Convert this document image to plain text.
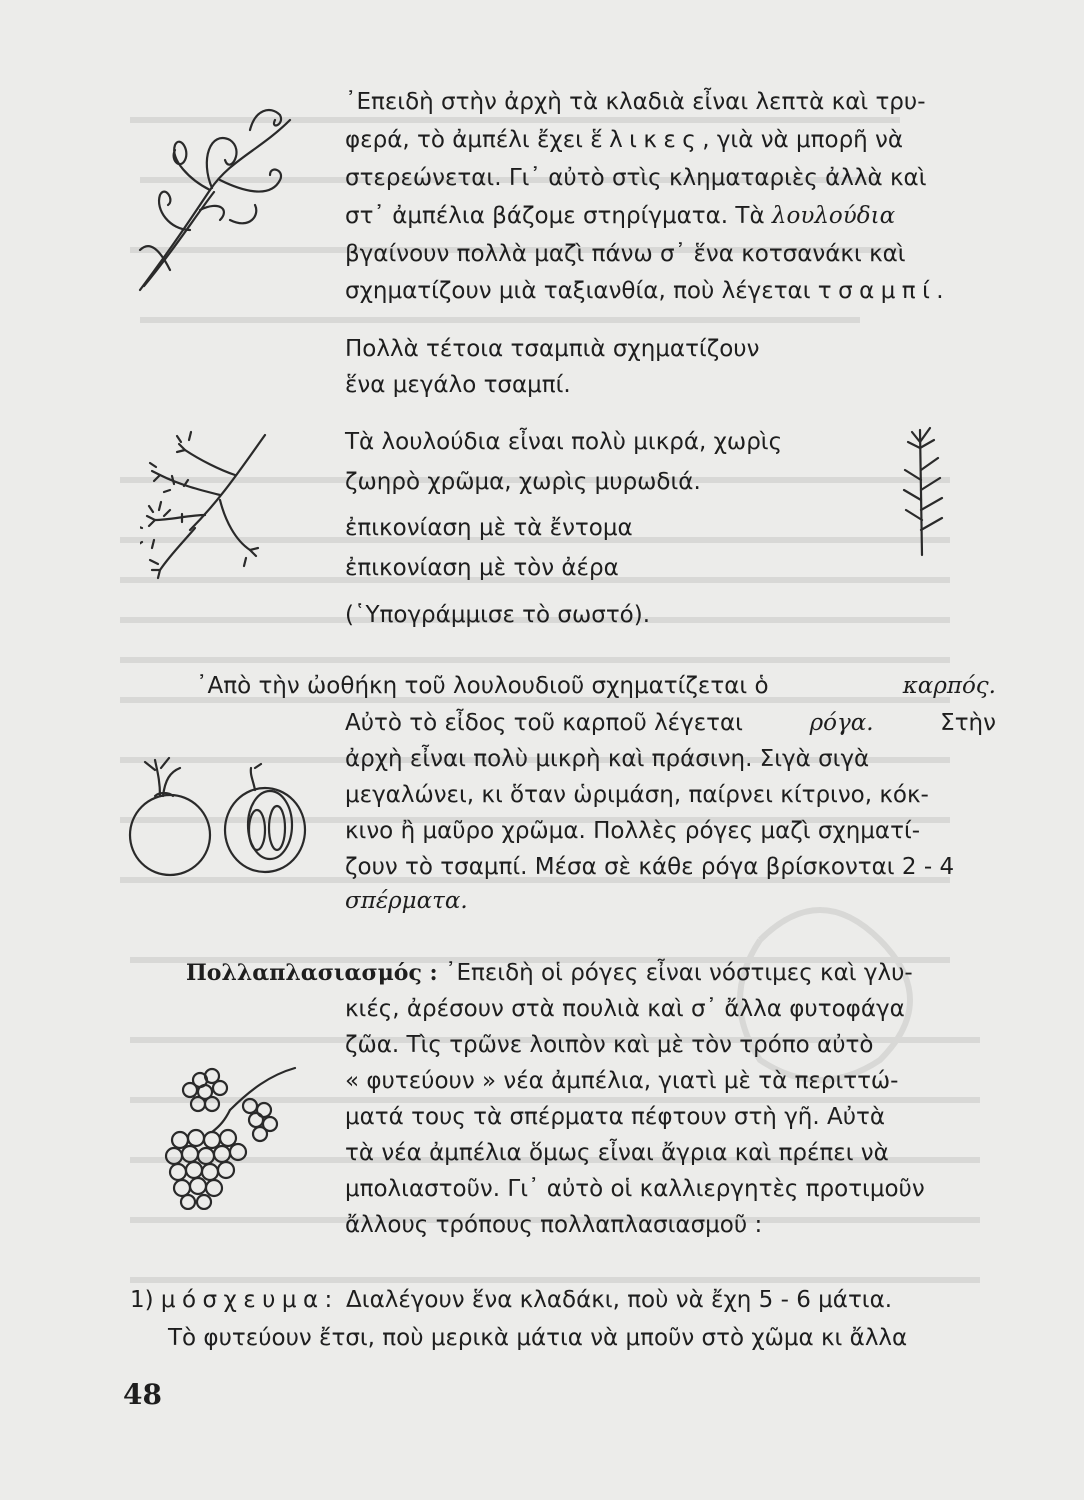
᾿Επειδὴ στὴν ἀρχὴ τὰ κλαδιὰ εἶναι λεπτὰ καὶ τρυ-
φερά, τὸ ἀμπέλι ἔχει ἕλικες, γιὰ νὰ μπορῆ νὰ
στερεώνεται. Γι᾿ αὐτὸ στὶς κληματαριὲς ἀλλὰ καὶ
στ᾿ ἀμπέλια βάζομε στηρίγματα. Τὰ λουλούδια
βγαίνουν πολλὰ μαζὶ πάνω σ᾿ ἕνα κοτσανάκι καὶ
σχηματίζουν μιὰ ταξιανθία, ποὺ λέγεται τσαμπί.
Πολλὰ τέτοια τσαμπιὰ σχηματίζουν
ἕνα μεγάλο τσαμπί.
Τὰ λουλούδια εἶναι πολὺ μικρά, χωρὶς
ζωηρὸ χρῶμα, χωρὶς μυρωδιά.
ἐπικονίαση μὲ τὰ ἔντομα
ἐπικονίαση μὲ τὸν ἀέρα
(῾Υπογράμμισε τὸ σωστό).
᾿Απὸ τὴν ὠοθήκη τοῦ λουλουδιοῦ σχηματίζεται ὁ	καρπός.
Αὐτὸ τὸ εἶδος τοῦ καρποῦ λέγεται	ρόγα.	Στὴν
ἀρχὴ εἶναι πολὺ μικρὴ καὶ πράσινη. Σιγὰ σιγὰ
μεγαλώνει, κι ὅταν ὡριμάση, παίρνει κίτρινο, κόκ-
κινο ἢ μαῦρο χρῶμα. Πολλὲς ρόγες μαζὶ σχηματί-
ζουν τὸ τσαμπί. Μέσα σὲ κάθε ρόγα βρίσκονται 2 - 4
σπέρματα.
Πολλαπλασιασμός : ᾿Επειδὴ οἱ ρόγες εἶναι νόστιμες καὶ γλυ-
κιές, ἀρέσουν στὰ πουλιὰ καὶ σ᾿ ἄλλα φυτοφάγα
ζῶα. Τὶς τρῶνε λοιπὸν καὶ μὲ τὸν τρόπο αὐτὸ
« φυτεύουν » νέα ἀμπέλια, γιατὶ μὲ τὰ περιττώ-
ματά τους τὰ σπέρματα πέφτουν στὴ γῆ. Αὐτὰ
τὰ νέα ἀμπέλια ὅμως εἶναι ἄγρια καὶ πρέπει νὰ
μπολιαστοῦν. Γι᾿ αὐτὸ οἱ καλλιεργητὲς προτιμοῦν
ἄλλους τρόπους πολλαπλασιασμοῦ :
1) μόσχευμα: Διαλέγουν ἕνα κλαδάκι, ποὺ νὰ ἔχη 5 - 6 μάτια.
Τὸ φυτεύουν ἔτσι, ποὺ μερικὰ μάτια νὰ μποῦν στὸ χῶμα κι ἄλλα
48
